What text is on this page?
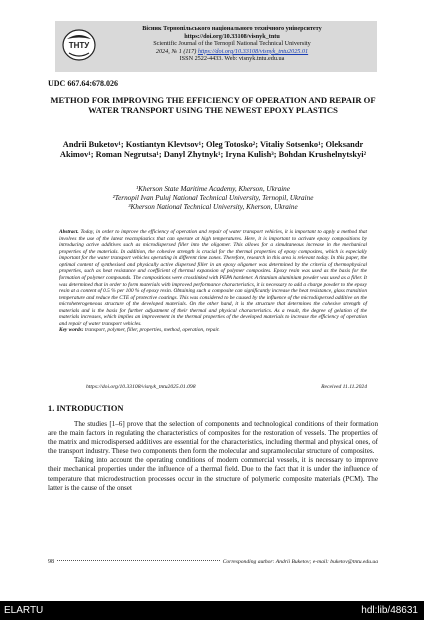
ТНТУ
Вісник Тернопільського національного технічного університету
https://doi.org/10.33108/visnyk_tntu
Scientific Journal of the Ternopil National Technical University
2024, № 1 (117) https://doi.org/10.33108/visnyk_tntu2025.01
ISSN 2522-4433. Web: visnyk.tntu.edu.ua
UDC 667.64:678.026
METHOD FOR IMPROVING THE EFFICIENCY OF OPERATION AND REPAIR OF WATER TRANSPORT USING THE NEWEST EPOXY PLASTICS
Andrii Buketov¹; Kostiantyn Klevtsov¹; Oleg Totosko²; Vitaliy Sotsenko¹; Oleksandr Akimov¹; Roman Negrutsa¹; Danyl Zhytnyk¹; Iryna Kulish³; Bohdan Krushelnytskyi²
¹Kherson State Maritime Academy, Kherson, Ukraine
²Ternopil Ivan Puluj National Technical University, Ternopil, Ukraine
³Kherson National Technical University, Kherson, Ukraine
Abstract. Today, in order to improve the efficiency of operation and repair of water transport vehicles, it is important to apply a method that involves the use of the latest reactoplastics that can operate at high temperatures. Here, it is important to activate epoxy compositions by introducing active additives such as microdispersed filler into the oligomer. This allows for a simultaneous increase in the mechanical properties of the materials. In addition, the cohesive strength is crucial for the thermal properties of epoxy composites, which is especially important for the water transport vehicles operating in different time zones. Therefore, research in this area is relevant today. In this paper, the optimal content of synthesised and physically active dispersed filler in an epoxy oligomer was determined by the criteria of thermophysical properties, such as heat resistance and coefficient of thermal expansion of polymer composites. Epoxy resin was used as the basis for the formation of polymer compounds. The compositions were crosslinked with PEPA hardener. A titanium aluminium powder was used as a filler. It was determined that in order to form materials with improved performance characteristics, it is necessary to add a charge powder to the epoxy resin at a content of 0.5 % per 100 % of epoxy resin. Obtaining such a composite can significantly increase the heat resistance, glass transition temperature and reduce the CTE of protective coatings. This was considered to be caused by the influence of the microdispersed additive on the microheterogeneous structure of the developed materials. On the other hand, it is the structure that determines the cohesive strength of materials and is the basis for further adjustment of their thermal and physical characteristics. As a result, the degree of gelation of the materials increases, which implies an improvement in the thermal properties of the developed materials to increase the efficiency of operation and repair of water transport vehicles.
Key words: transport, polymer, filler, properties, method, operation, repair.
https://doi.org/10.33108/visnyk_tntu2025.01.098	Received 11.11.2024
1. INTRODUCTION

The studies [1–6] prove that the selection of components and technological conditions of their formation are the main factors in regulating the characteristics of composites for the restoration of vessels. The properties of the matrix and microdispersed additives are essential for the characteristics, including thermal and physical ones, of the transport industry. These two components then form the molecular and supramolecular structure of composites.

Taking into account the operating conditions of modern commercial vessels, it is necessary to improve their mechanical properties under the influence of a thermal field. Due to the fact that it is under the influence of temperature that microdestruction processes occur in the structure of polymeric composite materials (PCM). The latter is the cause of the onset

98	Corresponding author: Andrii Buketov; e-mail: buketov@tntu.edu.ua
ELARTU	hdl:lib/48631
